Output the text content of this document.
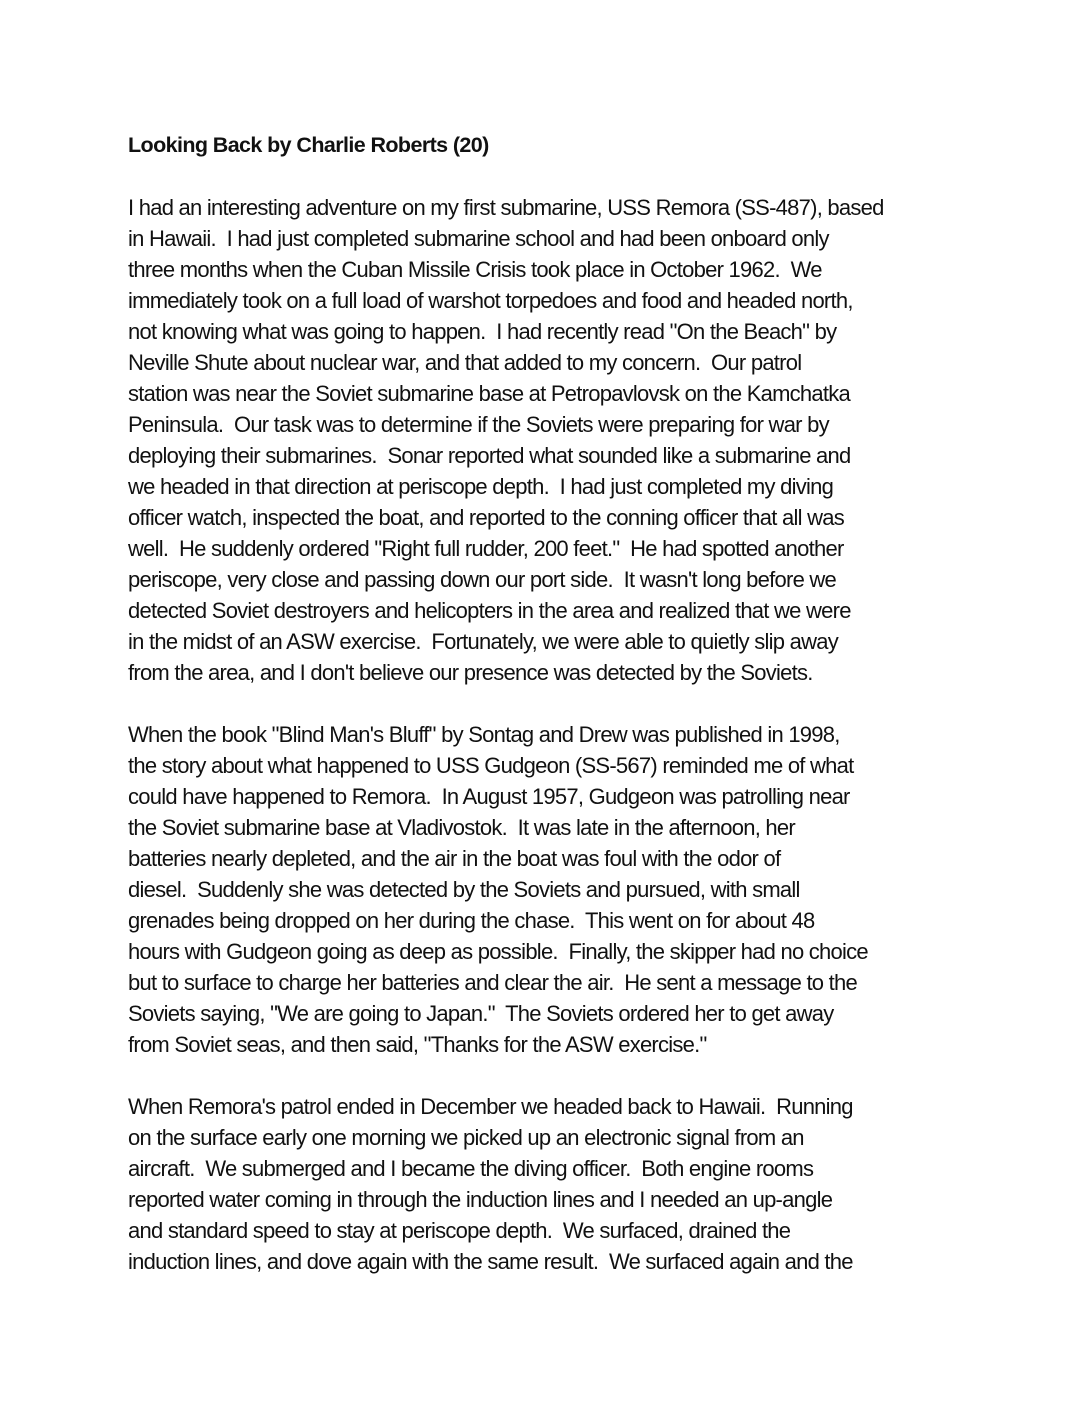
Looking Back by Charlie Roberts (20)
I had an interesting adventure on my first submarine, USS Remora (SS-487), based
in Hawaii.  I had just completed submarine school and had been onboard only
three months when the Cuban Missile Crisis took place in October 1962.  We
immediately took on a full load of warshot torpedoes and food and headed north,
not knowing what was going to happen.  I had recently read "On the Beach" by
Neville Shute about nuclear war, and that added to my concern.  Our patrol
station was near the Soviet submarine base at Petropavlovsk on the Kamchatka
Peninsula.  Our task was to determine if the Soviets were preparing for war by
deploying their submarines.  Sonar reported what sounded like a submarine and
we headed in that direction at periscope depth.  I had just completed my diving
officer watch, inspected the boat, and reported to the conning officer that all was
well.  He suddenly ordered "Right full rudder, 200 feet."  He had spotted another
periscope, very close and passing down our port side.  It wasn't long before we
detected Soviet destroyers and helicopters in the area and realized that we were
in the midst of an ASW exercise.  Fortunately, we were able to quietly slip away
from the area, and I don't believe our presence was detected by the Soviets.
When the book "Blind Man's Bluff" by Sontag and Drew was published in 1998,
the story about what happened to USS Gudgeon (SS-567) reminded me of what
could have happened to Remora.  In August 1957, Gudgeon was patrolling near
the Soviet submarine base at Vladivostok.  It was late in the afternoon, her
batteries nearly depleted, and the air in the boat was foul with the odor of
diesel.  Suddenly she was detected by the Soviets and pursued, with small
grenades being dropped on her during the chase.  This went on for about 48
hours with Gudgeon going as deep as possible.  Finally, the skipper had no choice
but to surface to charge her batteries and clear the air.  He sent a message to the
Soviets saying, "We are going to Japan."  The Soviets ordered her to get away
from Soviet seas, and then said, "Thanks for the ASW exercise."
When Remora's patrol ended in December we headed back to Hawaii.  Running
on the surface early one morning we picked up an electronic signal from an
aircraft.  We submerged and I became the diving officer.  Both engine rooms
reported water coming in through the induction lines and I needed an up-angle
and standard speed to stay at periscope depth.  We surfaced, drained the
induction lines, and dove again with the same result.  We surfaced again and the
